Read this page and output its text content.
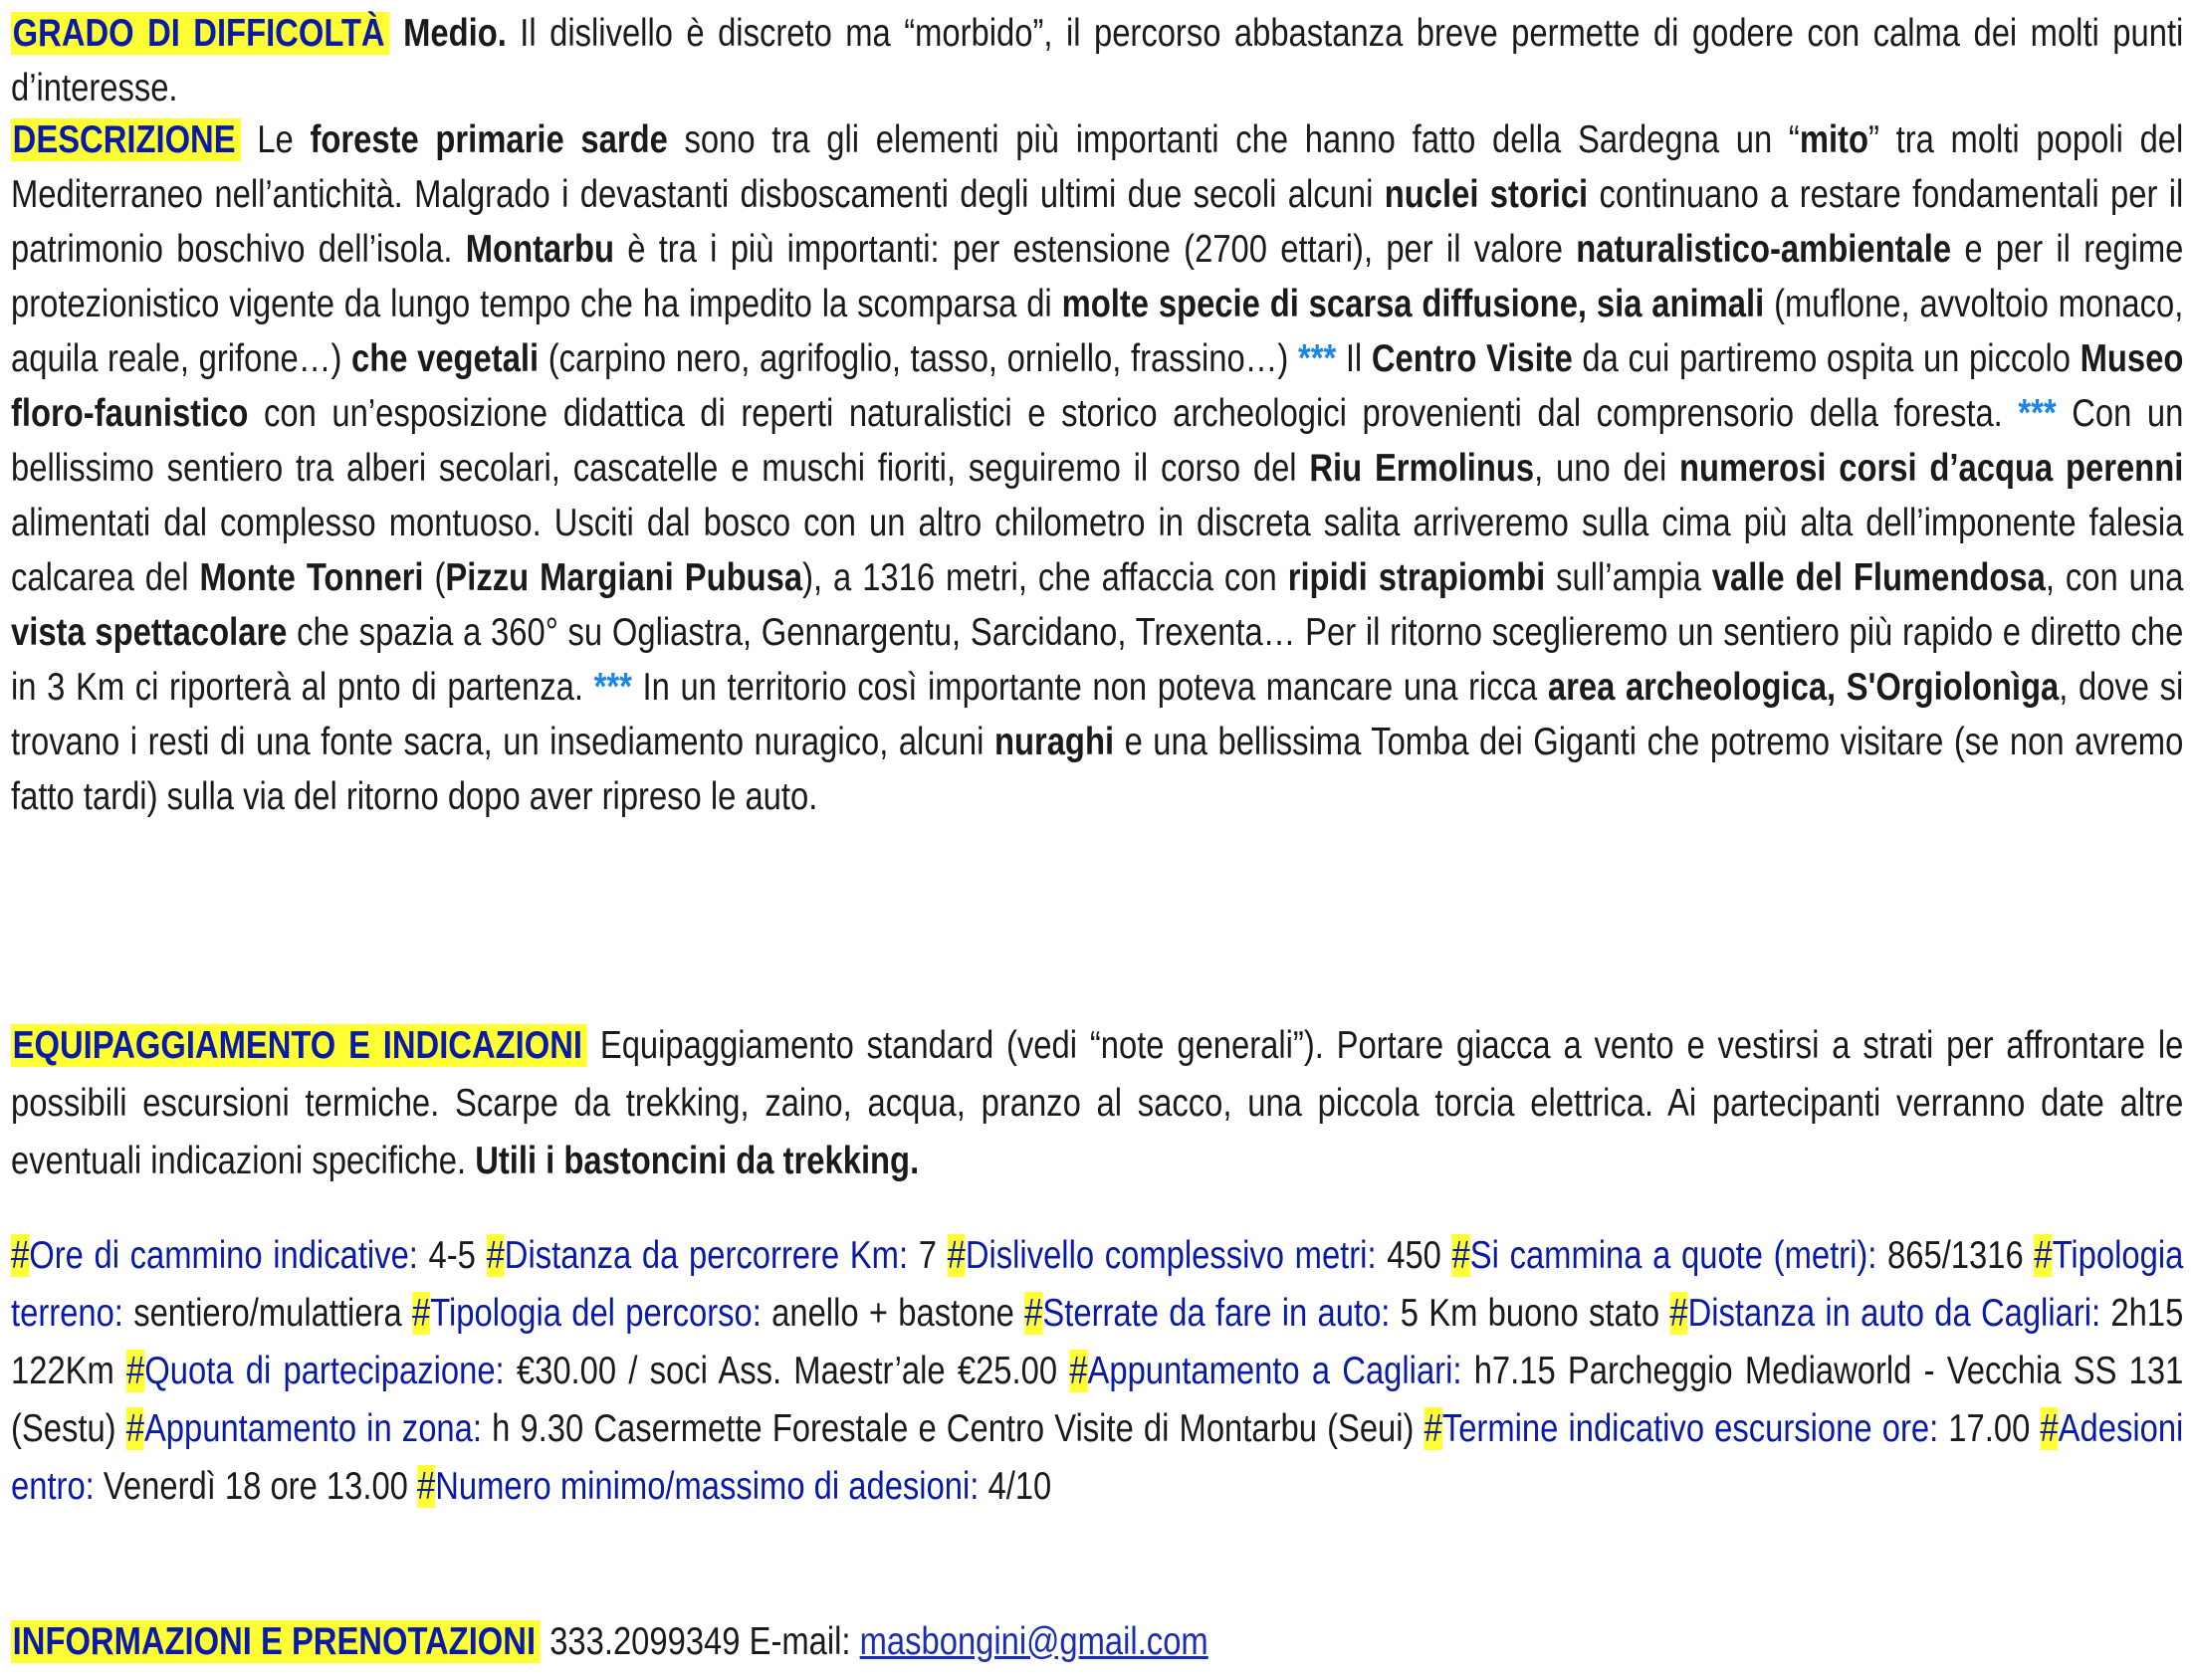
GRADO DI DIFFICOLTÀ Medio. Il dislivello è discreto ma “morbido”, il percorso abbastanza breve permette di godere con calma dei molti punti d’interesse.
DESCRIZIONE Le foreste primarie sarde sono tra gli elementi più importanti che hanno fatto della Sardegna un “mito” tra molti popoli del Mediterraneo nell’antichità. Malgrado i devastanti disboscamenti degli ultimi due secoli alcuni nuclei storici continuano a restare fondamentali per il patrimonio boschivo dell’isola. Montarbu è tra i più importanti: per estensione (2700 ettari), per il valore naturalistico-ambientale e per il regime protezionistico vigente da lungo tempo che ha impedito la scomparsa di molte specie di scarsa diffusione, sia animali (muflone, avvoltoio monaco, aquila reale, grifone…) che vegetali (carpino nero, agrifoglio, tasso, orniello, frassino…) *** Il Centro Visite da cui partiremo ospita un piccolo Museo floro-faunistico con un’esposizione didattica di reperti naturalistici e storico archeologici provenienti dal comprensorio della foresta. *** Con un bellissimo sentiero tra alberi secolari, cascatelle e muschi fioriti, seguiremo il corso del Riu Ermolinus, uno dei numerosi corsi d’acqua perenni alimentati dal complesso montuoso. Usciti dal bosco con un altro chilometro in discreta salita arriveremo sulla cima più alta dell’imponente falesia calcarea del Monte Tonneri (Pizzu Margiani Pubusa), a 1316 metri, che affaccia con ripidi strapiombi sull’ampia valle del Flumendosa, con una vista spettacolare che spazia a 360° su Ogliastra, Gennargentu, Sarcidano, Trexenta… Per il ritorno sceglieremo un sentiero più rapido e diretto che in 3 Km ci riporterà al pnto di partenza. *** In un territorio così importante non poteva mancare una ricca area archeologica, S'Orgiolonìga, dove si trovano i resti di una fonte sacra, un insediamento nuragico, alcuni nuraghi e una bellissima Tomba dei Giganti che potremo visitare (se non avremo fatto tardi) sulla via del ritorno dopo aver ripreso le auto.
EQUIPAGGIAMENTO E INDICAZIONI Equipaggiamento standard (vedi “note generali”). Portare giacca a vento e vestirsi a strati per affrontare le possibili escursioni termiche. Scarpe da trekking, zaino, acqua, pranzo al sacco, una piccola torcia elettrica. Ai partecipanti verranno date altre eventuali indicazioni specifiche. Utili i bastoncini da trekking.
#Ore di cammino indicative: 4-5 #Distanza da percorrere Km: 7 #Dislivello complessivo metri: 450 #Si cammina a quote (metri): 865/1316 #Tipologia terreno: sentiero/mulattiera #Tipologia del percorso: anello + bastone #Sterrate da fare in auto: 5 Km buono stato #Distanza in auto da Cagliari: 2h15 122Km #Quota di partecipazione: €30.00 / soci Ass. Maestr’ale €25.00 #Appuntamento a Cagliari: h7.15 Parcheggio Mediaworld - Vecchia SS 131 (Sestu) #Appuntamento in zona: h 9.30 Casermette Forestale e Centro Visite di Montarbu (Seui) #Termine indicativo escursione ore: 17.00 #Adesioni entro: Venerdì 18 ore 13.00 #Numero minimo/massimo di adesioni: 4/10
INFORMAZIONI E PRENOTAZIONI 333.2099349 E-mail: masbongini@gmail.com
